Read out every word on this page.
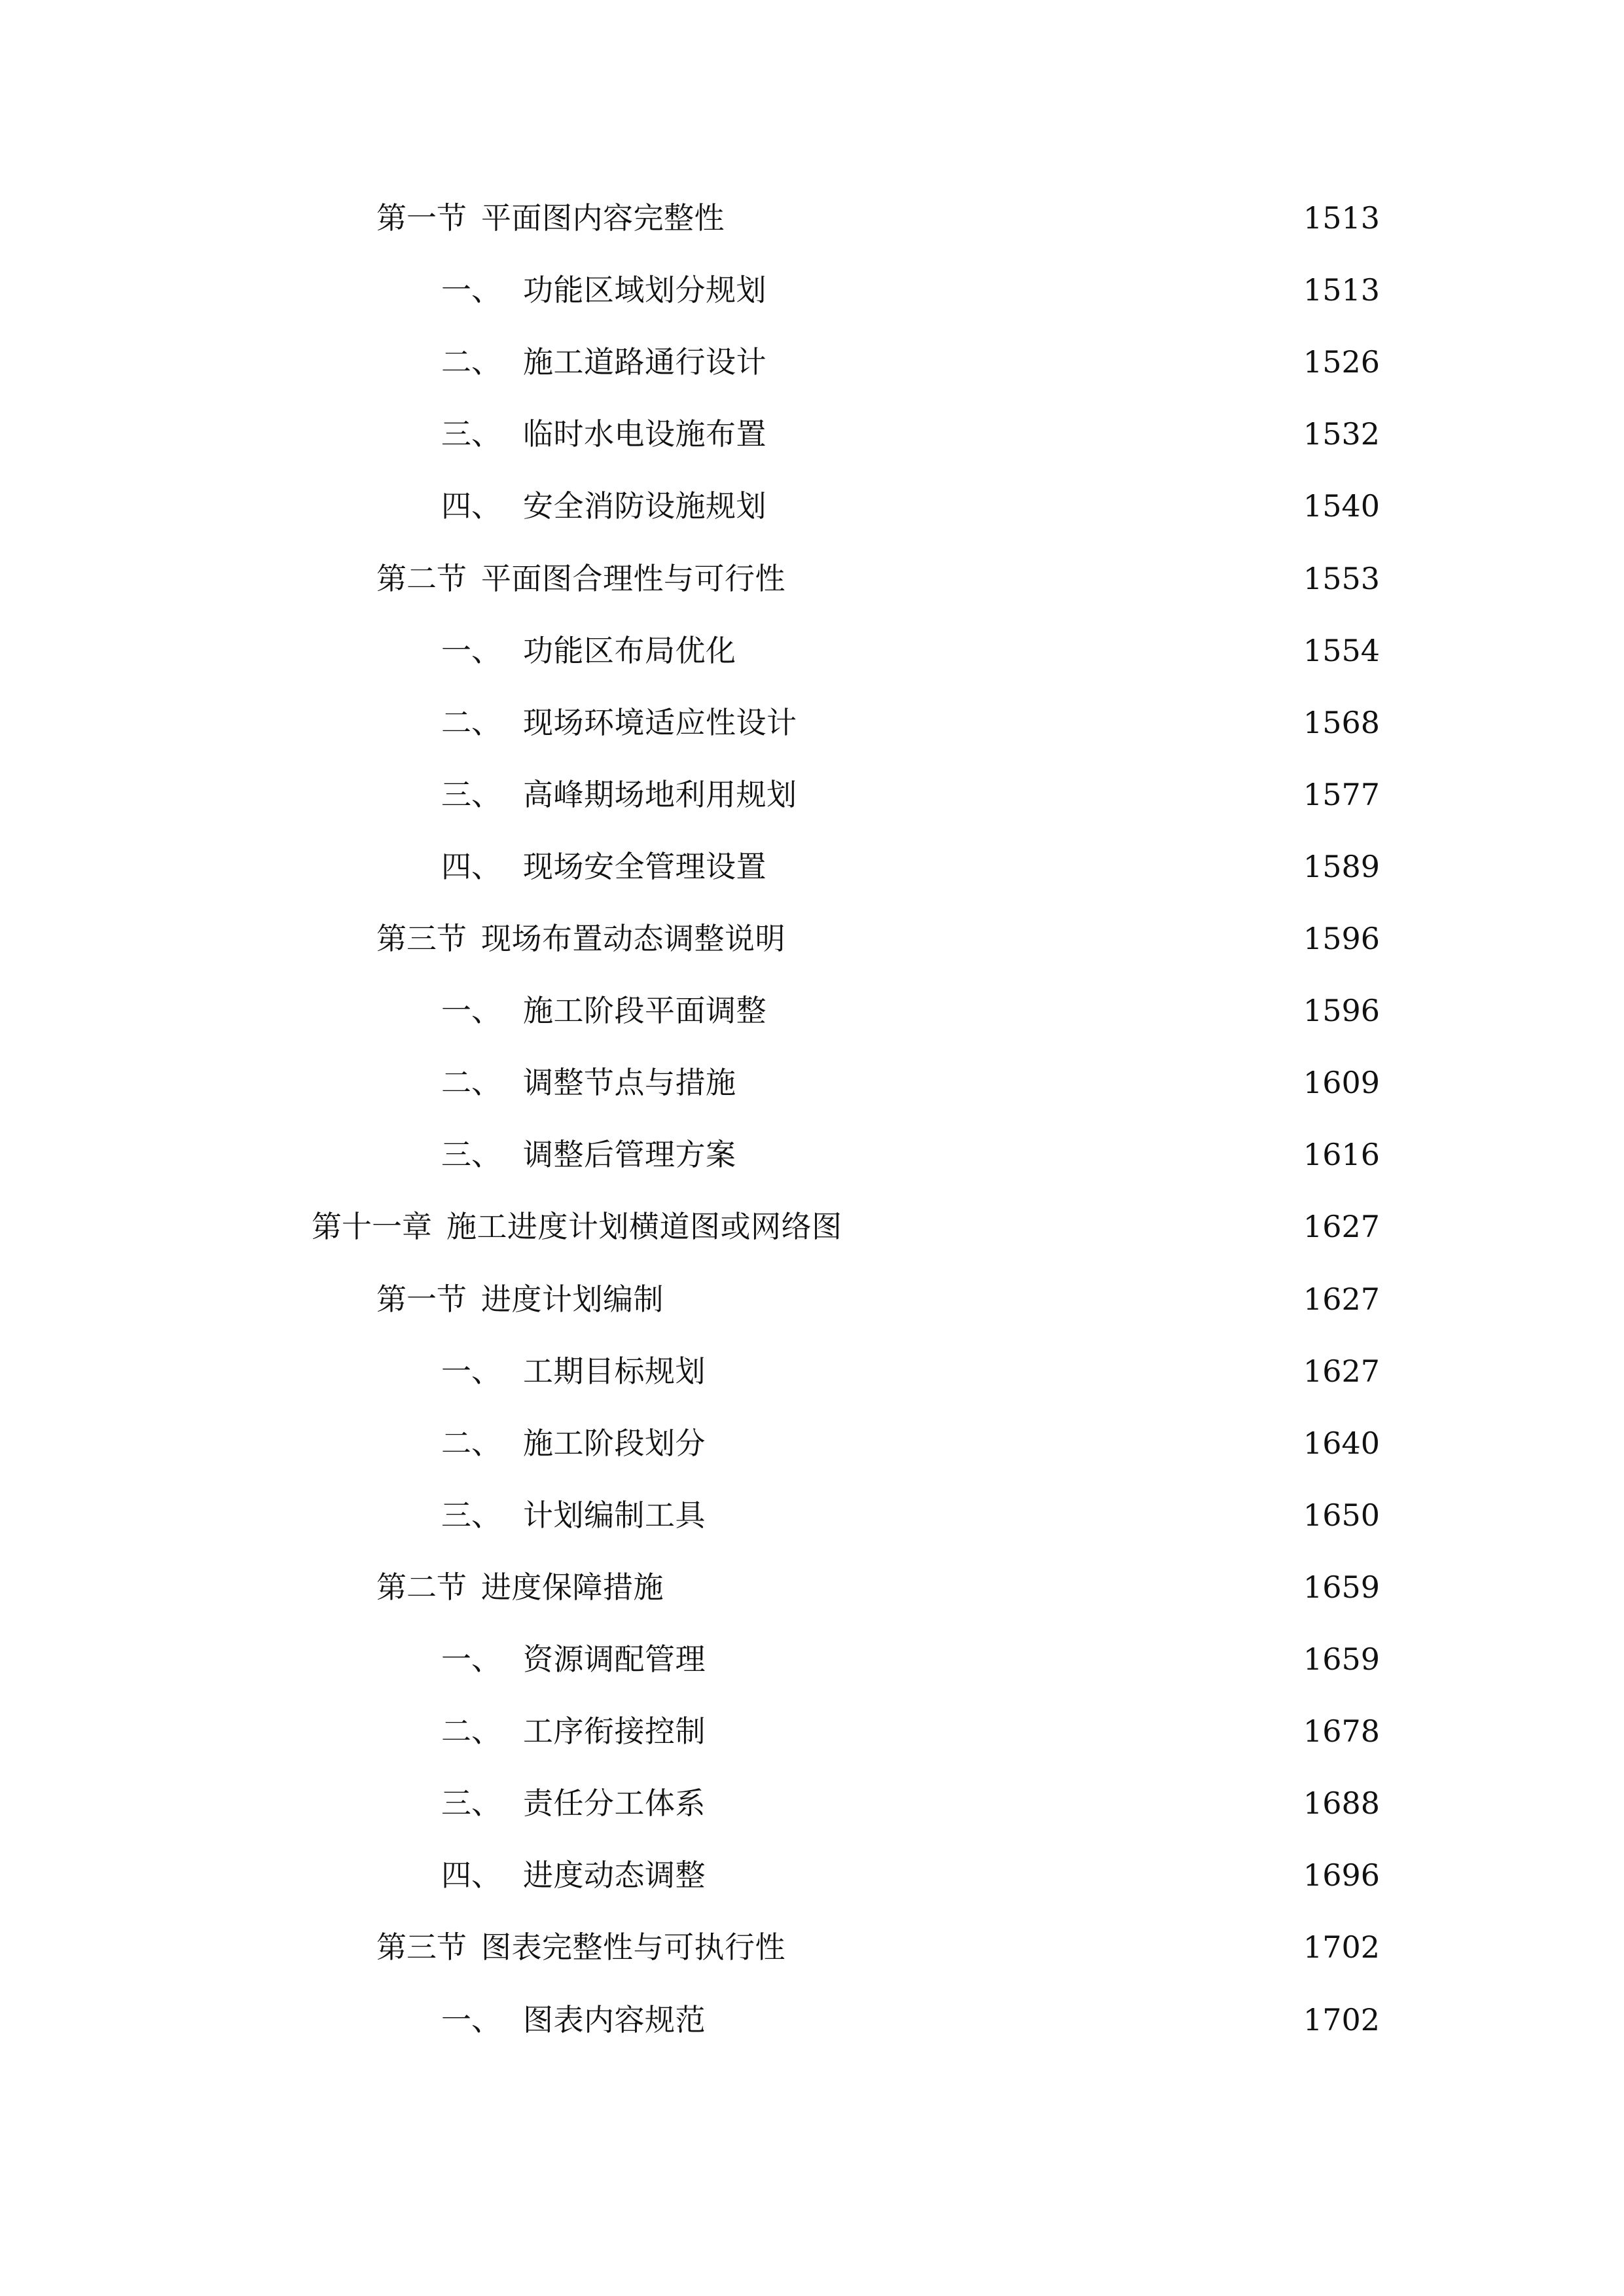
第一节 平面图内容完整性	1513
一、 功能区域划分规划	1513
二、 施工道路通行设计	1526
三、 临时水电设施布置	1532
四、 安全消防设施规划	1540
第二节 平面图合理性与可行性	1553
一、 功能区布局优化	1554
二、 现场环境适应性设计	1568
三、 高峰期场地利用规划	1577
四、 现场安全管理设置	1589
第三节 现场布置动态调整说明	1596
一、 施工阶段平面调整	1596
二、 调整节点与措施	1609
三、 调整后管理方案	1616
第十一章 施工进度计划横道图或网络图	1627
第一节 进度计划编制	1627
一、 工期目标规划	1627
二、 施工阶段划分	1640
三、 计划编制工具	1650
第二节 进度保障措施	1659
一、 资源调配管理	1659
二、 工序衔接控制	1678
三、 责任分工体系	1688
四、 进度动态调整	1696
第三节 图表完整性与可执行性	1702
一、 图表内容规范	1702
